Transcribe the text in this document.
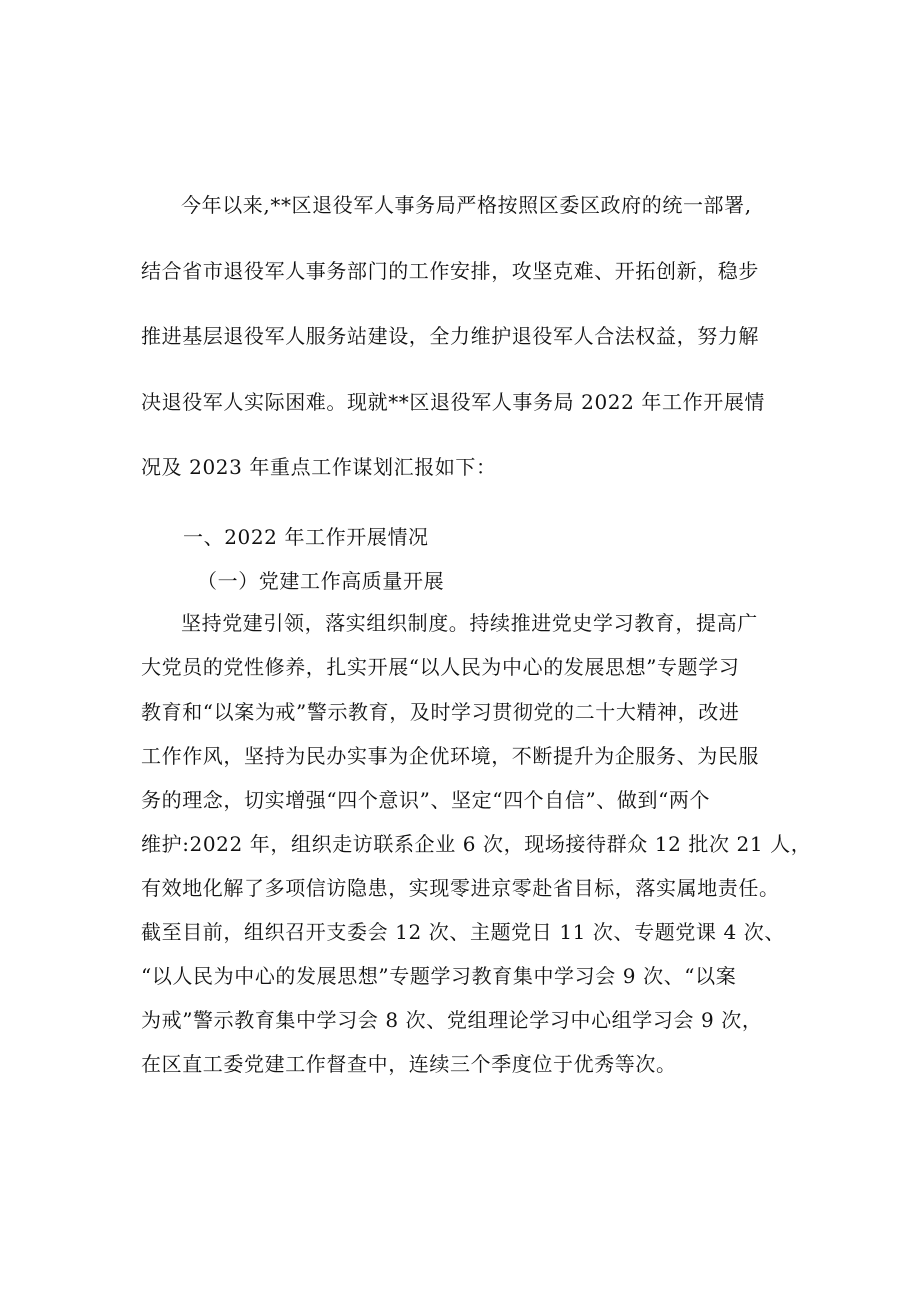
今年以来,**区退役军人事务局严格按照区委区政府的统一部署,
结合省市退役军人事务部门的工作安排，攻坚克难、开拓创新，稳步
推进基层退役军人服务站建设，全力维护退役军人合法权益，努力解
决退役军人实际困难。现就**区退役军人事务局 2022 年工作开展情
况及 2023 年重点工作谋划汇报如下：
一、2022 年工作开展情况
（一）党建工作高质量开展
坚持党建引领，落实组织制度。持续推进党史学习教育，提高广
大党员的党性修养，扎实开展“以人民为中心的发展思想”专题学习
教育和“以案为戒”警示教育，及时学习贯彻党的二十大精神，改进
工作作风，坚持为民办实事为企优环境，不断提升为企服务、为民服
务的理念，切实增强“四个意识”、坚定“四个自信”、做到“两个
维护:2022 年，组织走访联系企业 6 次，现场接待群众 12 批次 21 人，
有效地化解了多项信访隐患，实现零进京零赴省目标，落实属地责任。
截至目前，组织召开支委会 12 次、主题党日 11 次、专题党课 4 次、
“以人民为中心的发展思想”专题学习教育集中学习会 9 次、“以案
为戒”警示教育集中学习会 8 次、党组理论学习中心组学习会 9 次，
在区直工委党建工作督查中，连续三个季度位于优秀等次。
